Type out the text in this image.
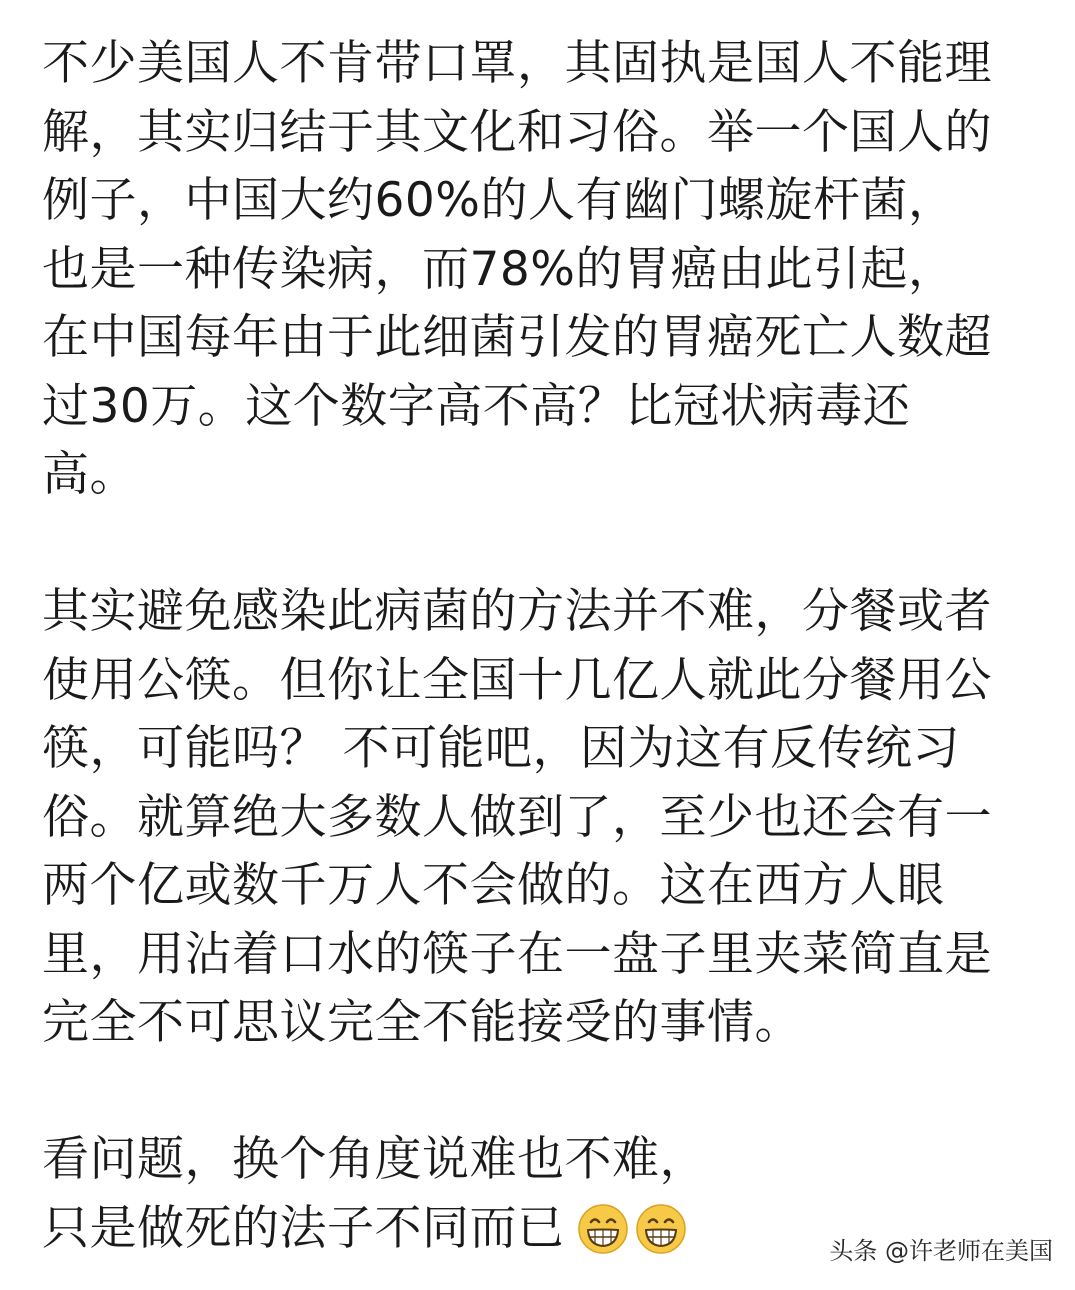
不少美国人不肯带口罩，其固执是国人不能理
解，其实归结于其文化和习俗。举一个国人的
例子，中国大约60%的人有幽门螺旋杆菌，
也是一种传染病，而78%的胃癌由此引起，
在中国每年由于此细菌引发的胃癌死亡人数超
过30万。这个数字高不高？比冠状病毒还
高。
其实避免感染此病菌的方法并不难，分餐或者
使用公筷。但你让全国十几亿人就此分餐用公
筷，可能吗？ 不可能吧，因为这有反传统习
俗。就算绝大多数人做到了，至少也还会有一
两个亿或数千万人不会做的。这在西方人眼
里，用沾着口水的筷子在一盘子里夹菜简直是
完全不可思议完全不能接受的事情。
看问题，换个角度说难也不难，
只是做死的法子不同而已	头条 @许老师在美国
